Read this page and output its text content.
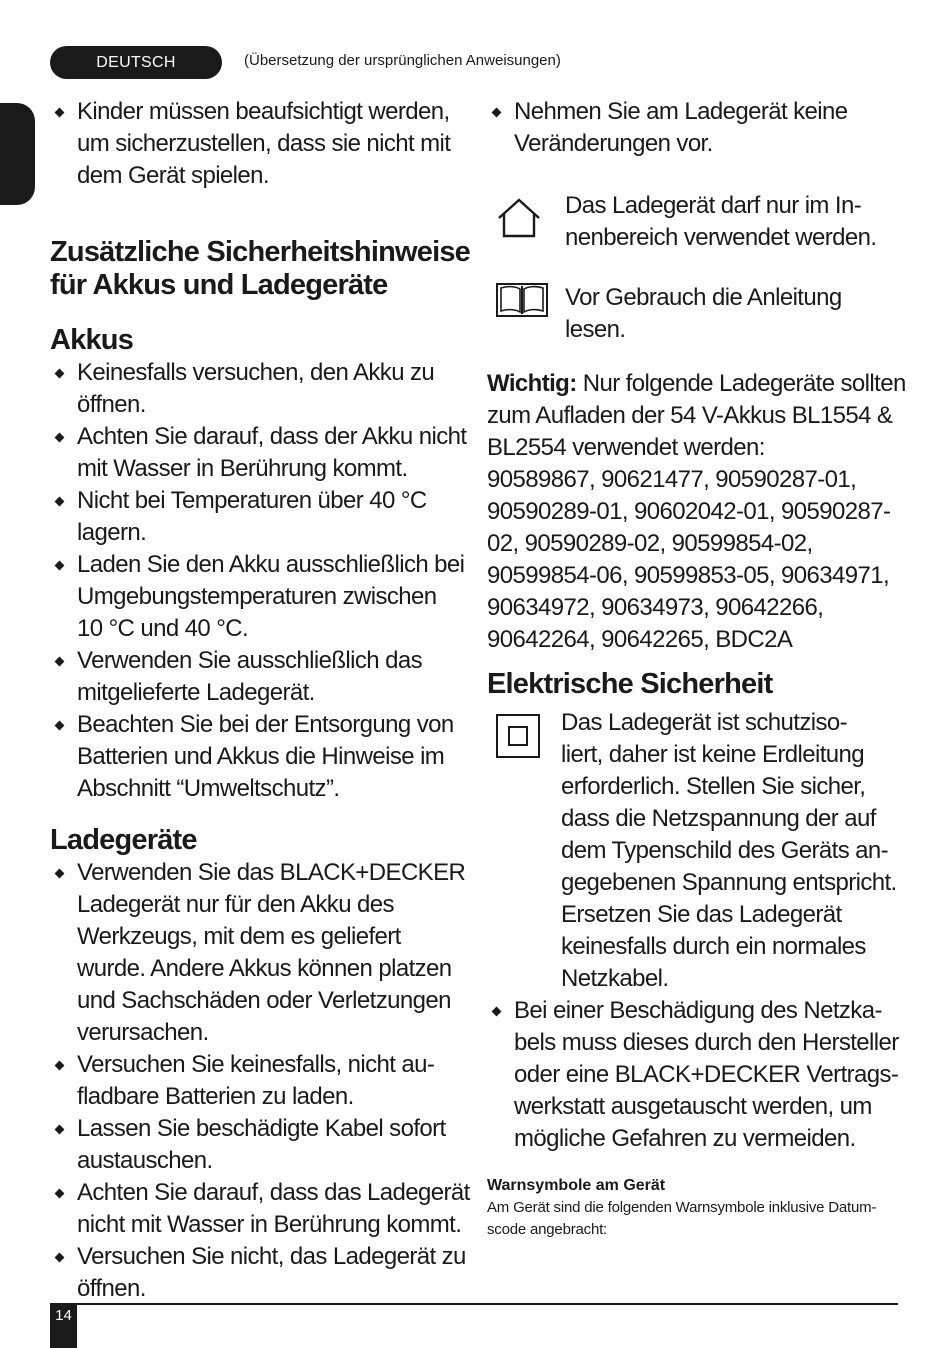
DEUTSCH	(Übersetzung der ursprünglichen Anweisungen)
Kinder müssen beaufsichtigt werden,
um sicherzustellen, dass sie nicht mit
dem Gerät spielen.
Zusätzliche Sicherheitshinweise
für Akkus und Ladegeräte
Akkus
Keinesfalls versuchen, den Akku zu
öffnen.
Achten Sie darauf, dass der Akku nicht
mit Wasser in Berührung kommt.
Nicht bei Temperaturen über 40 °C
lagern.
Laden Sie den Akku ausschließlich bei
Umgebungstemperaturen zwischen
10 °C und 40 °C.
Verwenden Sie ausschließlich das
mitgelieferte Ladegerät.
Beachten Sie bei der Entsorgung von
Batterien und Akkus die Hinweise im
Abschnitt “Umweltschutz”.
Ladegeräte
Verwenden Sie das BLACK+DECKER
Ladegerät nur für den Akku des
Werkzeugs, mit dem es geliefert
wurde. Andere Akkus können platzen
und Sachschäden oder Verletzungen
verursachen.
Versuchen Sie keinesfalls, nicht au-
fladbare Batterien zu laden.
Lassen Sie beschädigte Kabel sofort
austauschen.
Achten Sie darauf, dass das Ladegerät
nicht mit Wasser in Berührung kommt.
Versuchen Sie nicht, das Ladegerät zu
öffnen.
Nehmen Sie am Ladegerät keine
Veränderungen vor.
Das Ladegerät darf nur im In-
nenbereich verwendet werden.
Vor Gebrauch die Anleitung
lesen.
Wichtig: Nur folgende Ladegeräte sollten
zum Aufladen der 54 V-Akkus BL1554 &
BL2554 verwendet werden:
90589867, 90621477, 90590287-01,
90590289-01, 90602042-01, 90590287-
02, 90590289-02, 90599854-02,
90599854-06, 90599853-05, 90634971,
90634972, 90634973, 90642266,
90642264, 90642265, BDC2A
Elektrische Sicherheit
Das Ladegerät ist schutziso-
liert, daher ist keine Erdleitung
erforderlich. Stellen Sie sicher,
dass die Netzspannung der auf
dem Typenschild des Geräts an-
gegebenen Spannung entspricht.
Ersetzen Sie das Ladegerät
keinesfalls durch ein normales
Netzkabel.
Bei einer Beschädigung des Netzka-
bels muss dieses durch den Hersteller
oder eine BLACK+DECKER Vertrags-
werkstatt ausgetauscht werden, um
mögliche Gefahren zu vermeiden.
Warnsymbole am Gerät
Am Gerät sind die folgenden Warnsymbole inklusive Datum-
scode angebracht:
14
